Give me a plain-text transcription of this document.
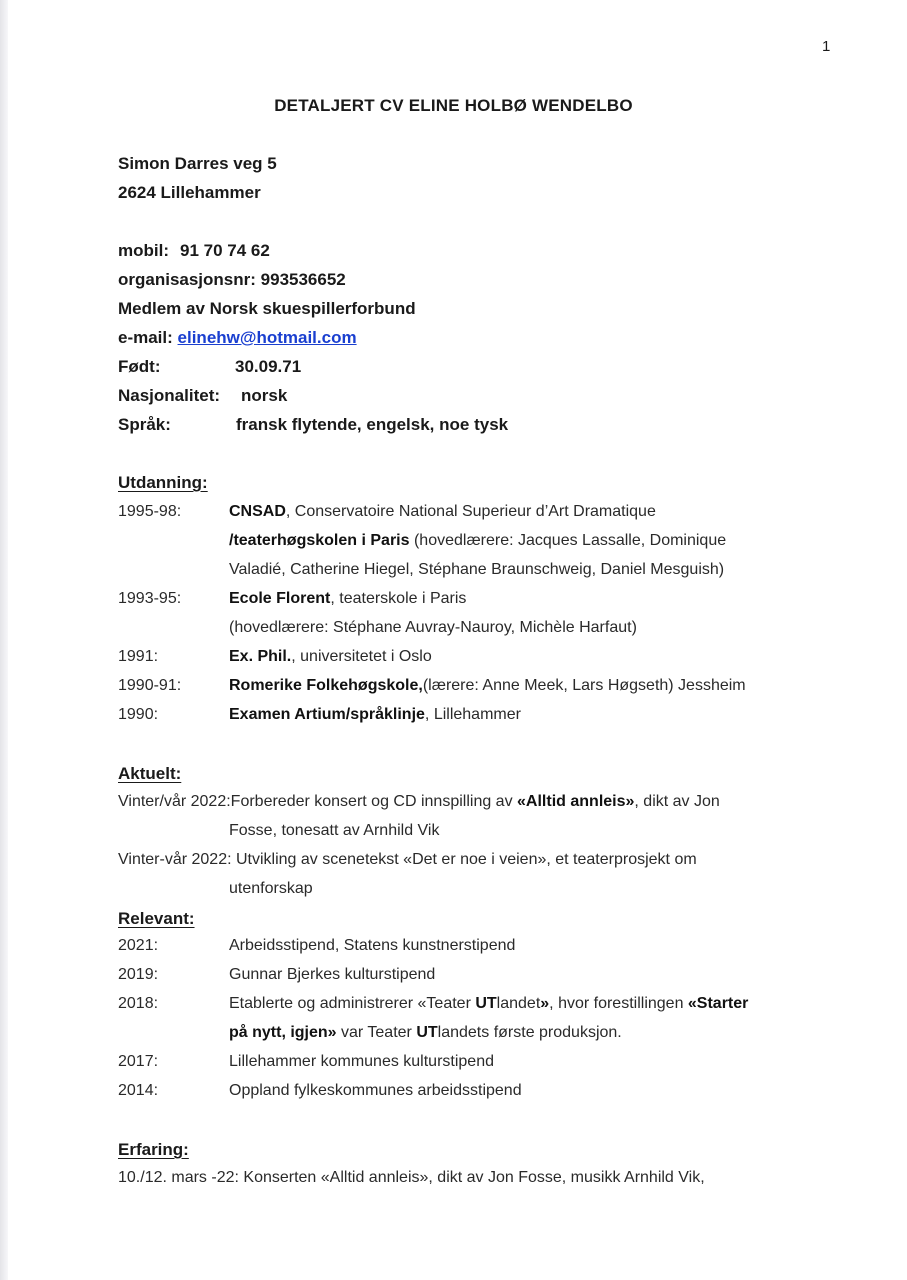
1
DETALJERT CV ELINE HOLBØ WENDELBO
Simon Darres veg 5
2624 Lillehammer
mobil: 91 70 74 62
organisasjonsnr: 993536652
Medlem av Norsk skuespillerforbund
e-mail: elinehw@hotmail.com
Født:	30.09.71
Nasjonalitet: norsk
Språk:	fransk flytende, engelsk, noe tysk
Utdanning:
1995-98:	CNSAD, Conservatoire National Superieur d’Art Dramatique
/teaterhøgskolen i Paris (hovedlærere: Jacques Lassalle, Dominique
Valadié, Catherine Hiegel, Stéphane Braunschweig, Daniel Mesguish)
1993-95:	Ecole Florent, teaterskole i Paris
(hovedlærere: Stéphane Auvray-Nauroy, Michèle Harfaut)
1991:	Ex. Phil., universitetet i Oslo
1990-91:	Romerike Folkehøgskole,(lærere: Anne Meek, Lars Høgseth) Jessheim
1990:	Examen Artium/språklinje, Lillehammer
Aktuelt:
Vinter/vår 2022:Forbereder konsert og CD innspilling av «Alltid annleis», dikt av Jon
Fosse, tonesatt av Arnhild Vik
Vinter-vår 2022: Utvikling av scenetekst «Det er noe i veien», et teaterprosjekt om
utenforskap
Relevant:
2021:	Arbeidsstipend, Statens kunstnerstipend
2019:	Gunnar Bjerkes kulturstipend
2018:	Etablerte og administrerer «Teater UTlandet», hvor forestillingen «Starter
på nytt, igjen» var Teater UTlandets første produksjon.
2017:	Lillehammer kommunes kulturstipend
2014:	Oppland fylkeskommunes arbeidsstipend
Erfaring:
10./12. mars -22: Konserten «Alltid annleis», dikt av Jon Fosse, musikk Arnhild Vik,
